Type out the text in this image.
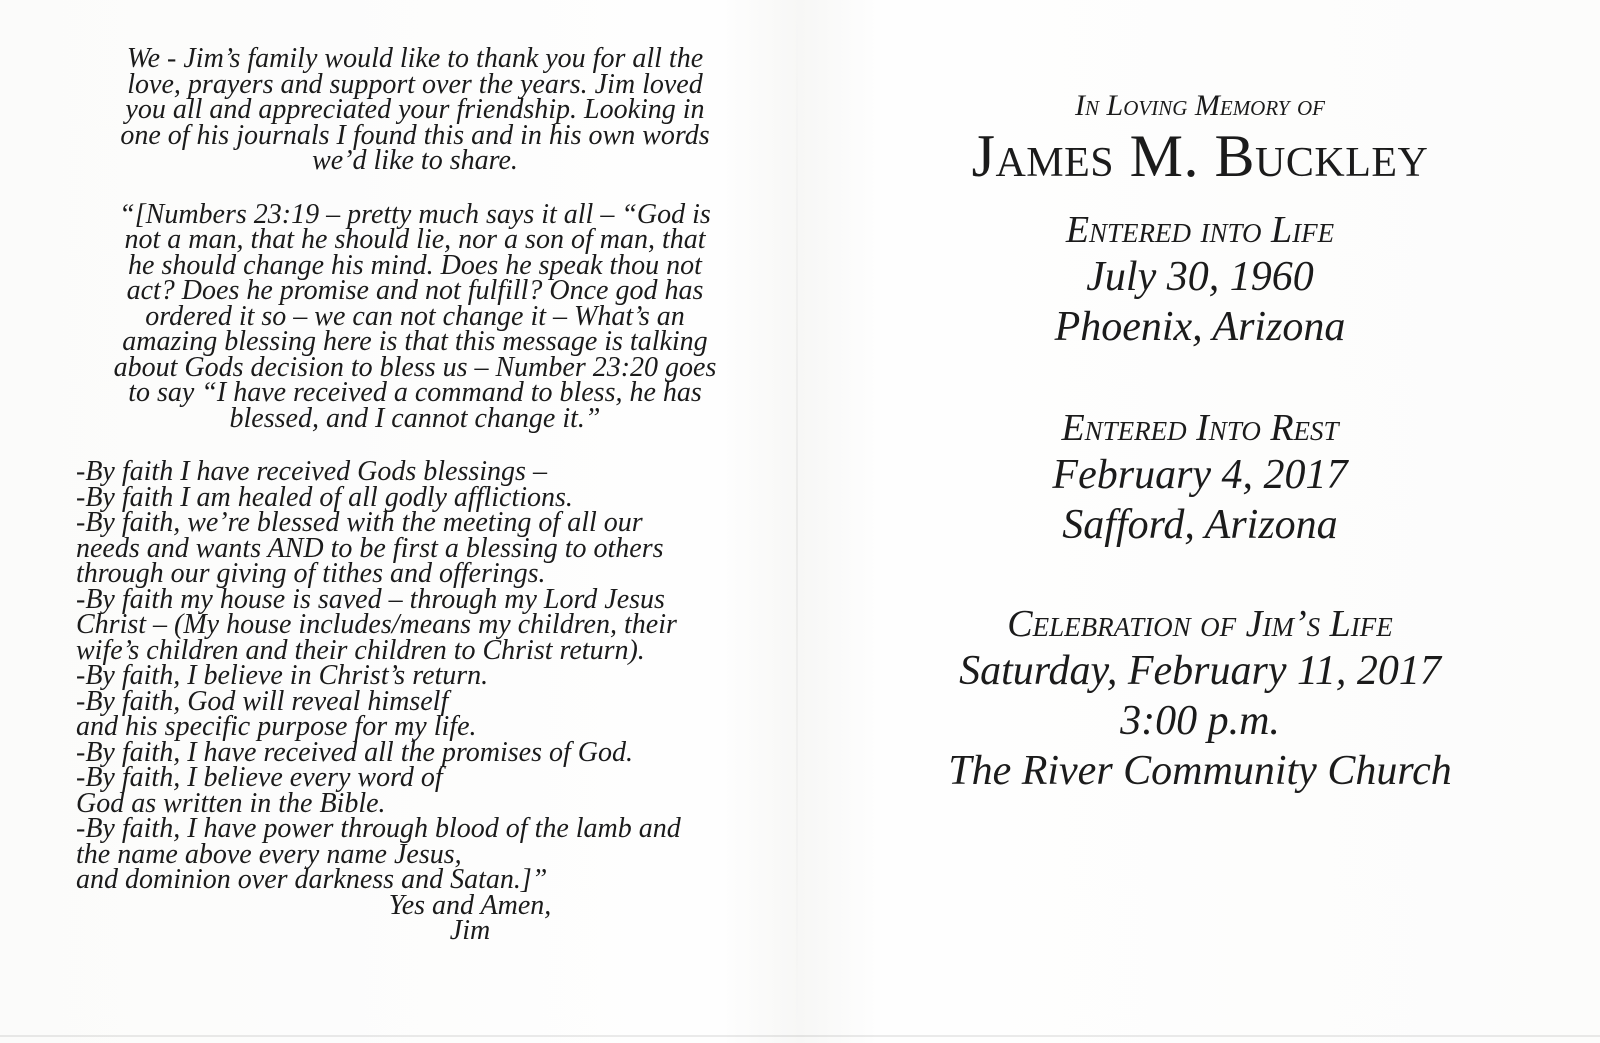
We - Jim’s family would like to thank you for all the
love, prayers and support over the years. Jim loved
you all and appreciated your friendship. Looking in
one of his journals I found this and in his own words
we’d like to share.
“[Numbers 23:19 – pretty much says it all – “God is
not a man, that he should lie, nor a son of man, that
he should change his mind. Does he speak thou not
act? Does he promise and not fulfill? Once god has
ordered it so – we can not change it – What’s an
amazing blessing here is that this message is talking
about Gods decision to bless us – Number 23:20 goes
to say “I have received a command to bless, he has
blessed, and I cannot change it.”
-By faith I have received Gods blessings –
-By faith I am healed of all godly afflictions.
-By faith, we’re blessed with the meeting of all our
needs and wants AND to be first a blessing to others
through our giving of tithes and offerings.
-By faith my house is saved – through my Lord Jesus
Christ – (My house includes/means my children, their
wife’s children and their children to Christ return).
-By faith, I believe in Christ’s return.
-By faith, God will reveal himself
and his specific purpose for my life.
-By faith, I have received all the promises of God.
-By faith, I believe every word of
God as written in the Bible.
-By faith, I have power through blood of the lamb and
the name above every name Jesus,
and dominion over darkness and Satan.]”
Yes and Amen,
Jim

In Loving Memory of

James M. Buckley

Entered into Life

July 30, 1960

Phoenix, Arizona

Entered Into Rest

February 4, 2017

Safford, Arizona

Celebration of Jim’s Life

Saturday, February 11, 2017

3:00 p.m.

The River Community Church
